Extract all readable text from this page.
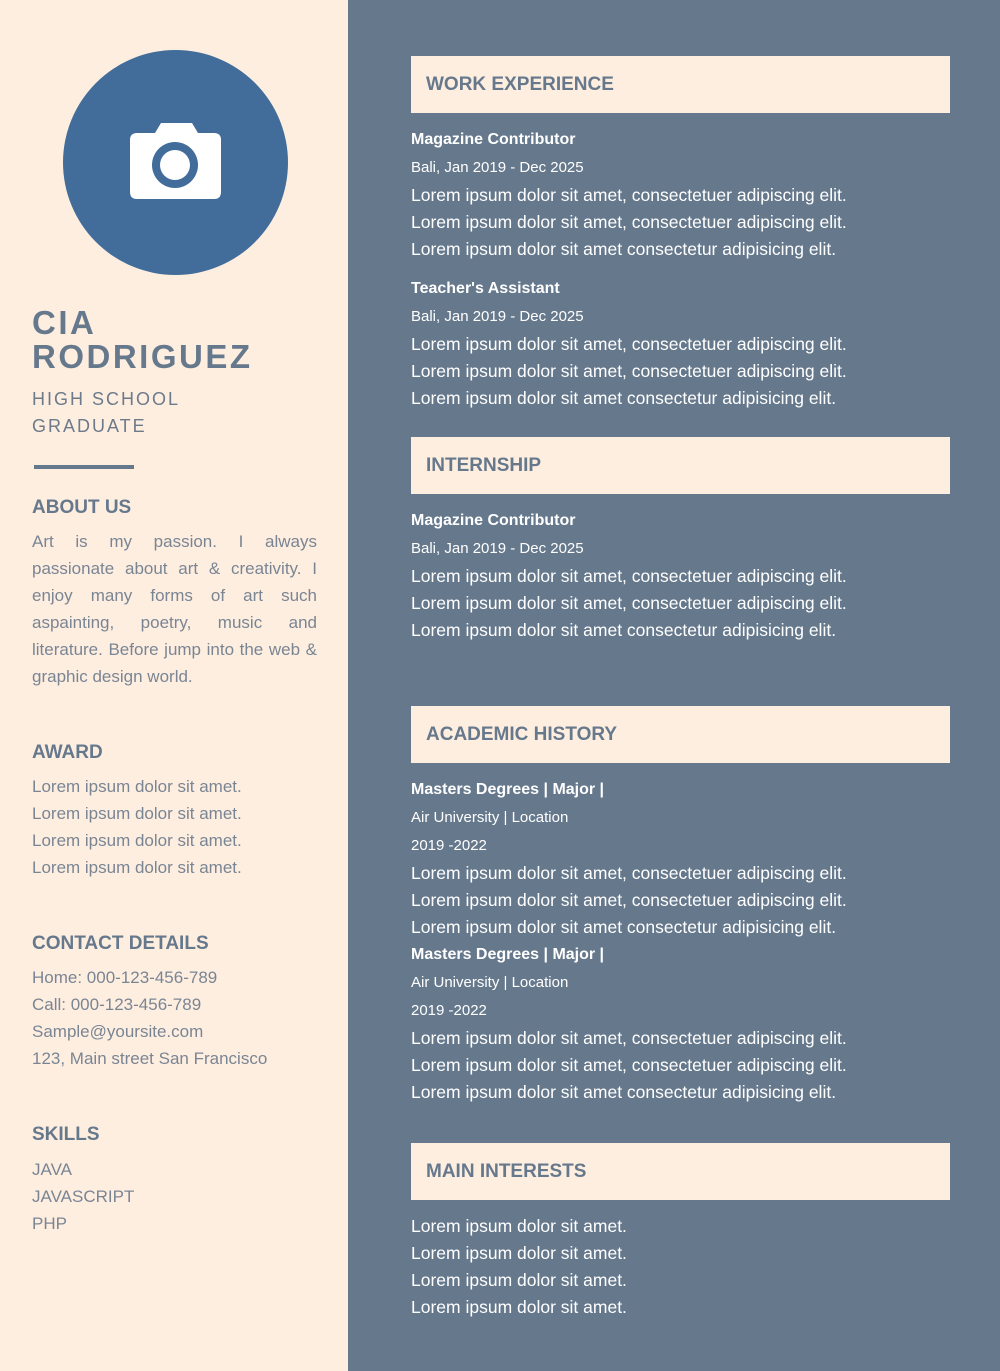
CIA
RODRIGUEZ

HIGH SCHOOL
GRADUATE

ABOUT US

Art is my passion. I always passionate about art & creativity. I enjoy many forms of art such aspainting, poetry, music and literature. Before jump into the web & graphic design world.

AWARD
Lorem ipsum dolor sit amet.
Lorem ipsum dolor sit amet.
Lorem ipsum dolor sit amet.
Lorem ipsum dolor sit amet.
CONTACT DETAILS
Home: 000-123-456-789
Call: 000-123-456-789
Sample@yoursite.com
123, Main street San Francisco
SKILLS
JAVA
JAVASCRIPT
PHP
WORK EXPERIENCE
Magazine Contributor
Bali, Jan 2019 - Dec 2025
Lorem ipsum dolor sit amet, consectetuer adipiscing elit.
Lorem ipsum dolor sit amet, consectetuer adipiscing elit.
Lorem ipsum dolor sit amet consectetur adipisicing elit.
Teacher's Assistant
Bali, Jan 2019 - Dec 2025
Lorem ipsum dolor sit amet, consectetuer adipiscing elit.
Lorem ipsum dolor sit amet, consectetuer adipiscing elit.
Lorem ipsum dolor sit amet consectetur adipisicing elit.
INTERNSHIP
Magazine Contributor
Bali, Jan 2019 - Dec 2025
Lorem ipsum dolor sit amet, consectetuer adipiscing elit.
Lorem ipsum dolor sit amet, consectetuer adipiscing elit.
Lorem ipsum dolor sit amet consectetur adipisicing elit.
ACADEMIC HISTORY
Masters Degrees | Major |
Air University | Location
2019 -2022
Lorem ipsum dolor sit amet, consectetuer adipiscing elit.
Lorem ipsum dolor sit amet, consectetuer adipiscing elit.
Lorem ipsum dolor sit amet consectetur adipisicing elit.
Masters Degrees | Major |
Air University | Location
2019 -2022
Lorem ipsum dolor sit amet, consectetuer adipiscing elit.
Lorem ipsum dolor sit amet, consectetuer adipiscing elit.
Lorem ipsum dolor sit amet consectetur adipisicing elit.
MAIN INTERESTS
Lorem ipsum dolor sit amet.
Lorem ipsum dolor sit amet.
Lorem ipsum dolor sit amet.
Lorem ipsum dolor sit amet.
